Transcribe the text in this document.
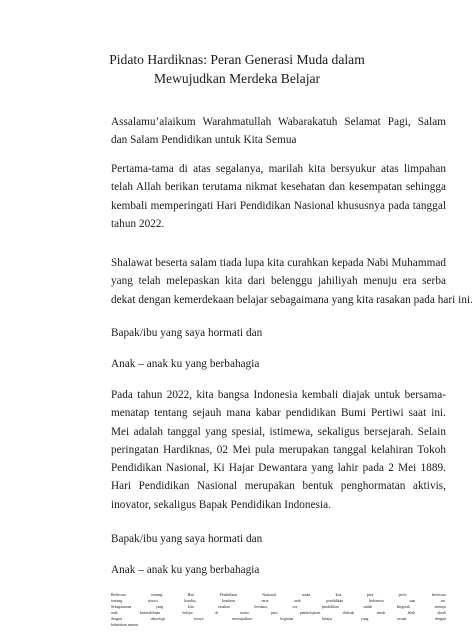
Pidato Hardiknas: Peran Generasi Muda dalam
Mewujudkan Merdeka Belajar

Assalamu’alaikum Warahmatullah Wabarakatuh Selamat Pagi, Salam
dan Salam Pendidikan untuk Kita Semua

Pertama-tama di atas segalanya, marilah kita bersyukur atas limpahan
telah Allah berikan terutama nikmat kesehatan dan kesempatan sehingga
kembali memperingati Hari Pendidikan Nasional khususnya pada tanggal
tahun 2022.

Shalawat beserta salam tiada lupa kita curahkan kepada Nabi Muhammad
yang telah melepaskan kita dari belenggu jahiliyah menuju era serba
dekat dengan kemerdekaan belajar sebagaimana yang kita rasakan pada hari ini.

Bapak/ibu yang saya hormati dan

Anak – anak ku yang berbahagia

Pada tahun 2022, kita bangsa Indonesia kembali diajak untuk bersama-
menatap tentang sejauh mana kabar pendidikan Bumi Pertiwi saat ini.
Mei adalah tanggal yang spesial, istimewa, sekaligus bersejarah. Selain
peringatan Hardiknas, 02 Mei pula merupakan tanggal kelahiran Tokoh
Pendidikan Nasional, Ki Hajar Dewantara yang lahir pada 2 Mei 1889.
Hari Pendidikan Nasional merupakan bentuk penghormatan aktivis,
inovator, sekaligus Bapak Pendidikan Indonesia.

Bapak/ibu yang saya hormati dan

Anak – anak ku yang berbahagia

Berbicara tentang Hari Pendidikan Nasional, maka kita pula perlu berbicara
tentang situasi, kondisi, keadaan, serta arah pendidikan Indonesia saat ini.
Sebagaimana yang kita rasakan bersama, era pendidikan sudah bergerak menuju
arah kemerdekaan belajar di mana para pembelajaran didesak untuk lebih akrab
dengan teknologi seraya mewujudkan kegiatan belajar yang sesuai dengan
kebutuhan zaman.
